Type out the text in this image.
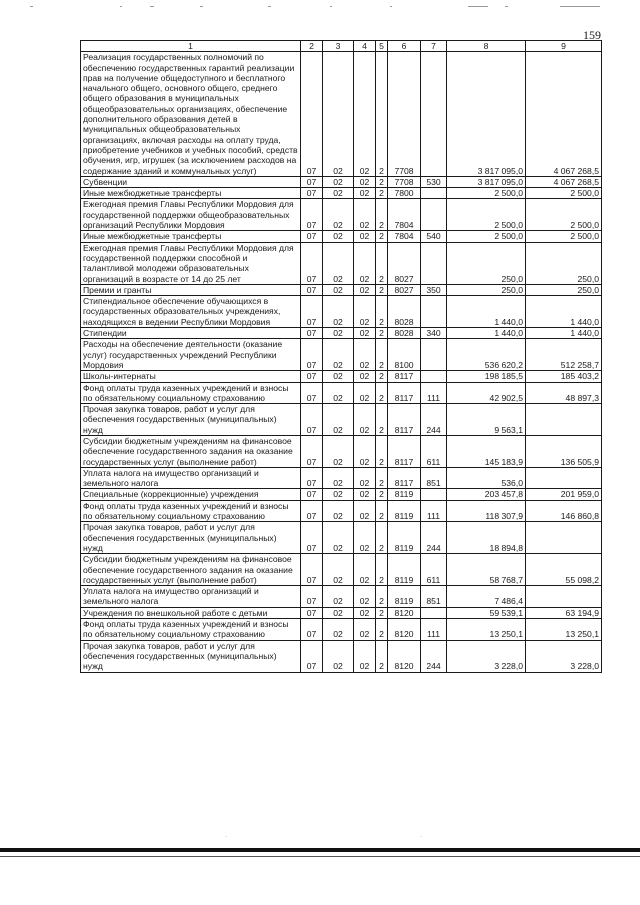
159
1	2	3	4	5	6	7	8	9
Реализация государственных полномочий по обеспечению государственных гарантий реализации прав на получение общедоступного и бесплатного начального общего, основного общего, среднего общего образования в муниципальных общеобразовательных организациях, обеспечение дополнительного образования детей в муниципальных общеобразовательных организациях, включая расходы на оплату труда, приобретение учебников и учебных пособий, средств обучения, игр, игрушек (за исключением расходов на содержание зданий и коммунальных услуг)	07	02	02	2	7708		3 817 095,0	4 067 268,5
Субвенции	07	02	02	2	7708	530	3 817 095,0	4 067 268,5
Иные межбюджетные трансферты	07	02	02	2	7800		2 500,0	2 500,0
Ежегодная премия Главы Республики Мордовия для государственной поддержки общеобразовательных организаций Республики Мордовия	07	02	02	2	7804		2 500,0	2 500,0
Иные межбюджетные трансферты	07	02	02	2	7804	540	2 500,0	2 500,0
Ежегодная премия Главы Республики Мордовия для государственной поддержки способной и талантливой молодежи образовательных организаций в возрасте от 14 до 25 лет	07	02	02	2	8027		250,0	250,0
Премии и гранты	07	02	02	2	8027	350	250,0	250,0
Стипендиальное обеспечение обучающихся в государственных образовательных учреждениях, находящихся в ведении Республики Мордовия	07	02	02	2	8028		1 440,0	1 440,0
Стипендии	07	02	02	2	8028	340	1 440,0	1 440,0
Расходы на обеспечение деятельности (оказание услуг) государственных учреждений Республики Мордовия	07	02	02	2	8100		536 620,2	512 258,7
Школы-интернаты	07	02	02	2	8117		198 185,5	185 403,2
Фонд оплаты труда казенных учреждений и взносы по обязательному социальному страхованию	07	02	02	2	8117	111	42 902,5	48 897,3
Прочая закупка товаров, работ и услуг для обеспечения государственных (муниципальных) нужд	07	02	02	2	8117	244	9 563,1	
Субсидии бюджетным учреждениям на финансовое обеспечение государственного задания на оказание государственных услуг (выполнение работ)	07	02	02	2	8117	611	145 183,9	136 505,9
Уплата налога на имущество организаций и земельного налога	07	02	02	2	8117	851	536,0	
Специальные (коррекционные) учреждения	07	02	02	2	8119		203 457,8	201 959,0
Фонд оплаты труда казенных учреждений и взносы по обязательному социальному страхованию	07	02	02	2	8119	111	118 307,9	146 860,8
Прочая закупка товаров, работ и услуг для обеспечения государственных (муниципальных) нужд	07	02	02	2	8119	244	18 894,8	
Субсидии бюджетным учреждениям на финансовое обеспечение государственного задания на оказание государственных услуг (выполнение работ)	07	02	02	2	8119	611	58 768,7	55 098,2
Уплата налога на имущество организаций и земельного налога	07	02	02	2	8119	851	7 486,4	
Учреждения по внешкольной работе с детьми	07	02	02	2	8120		59 539,1	63 194,9
Фонд оплаты труда казенных учреждений и взносы по обязательному социальному страхованию	07	02	02	2	8120	111	13 250,1	13 250,1
Прочая закупка товаров, работ и услуг для обеспечения государственных (муниципальных) нужд	07	02	02	2	8120	244	3 228,0	3 228,0
·	·
